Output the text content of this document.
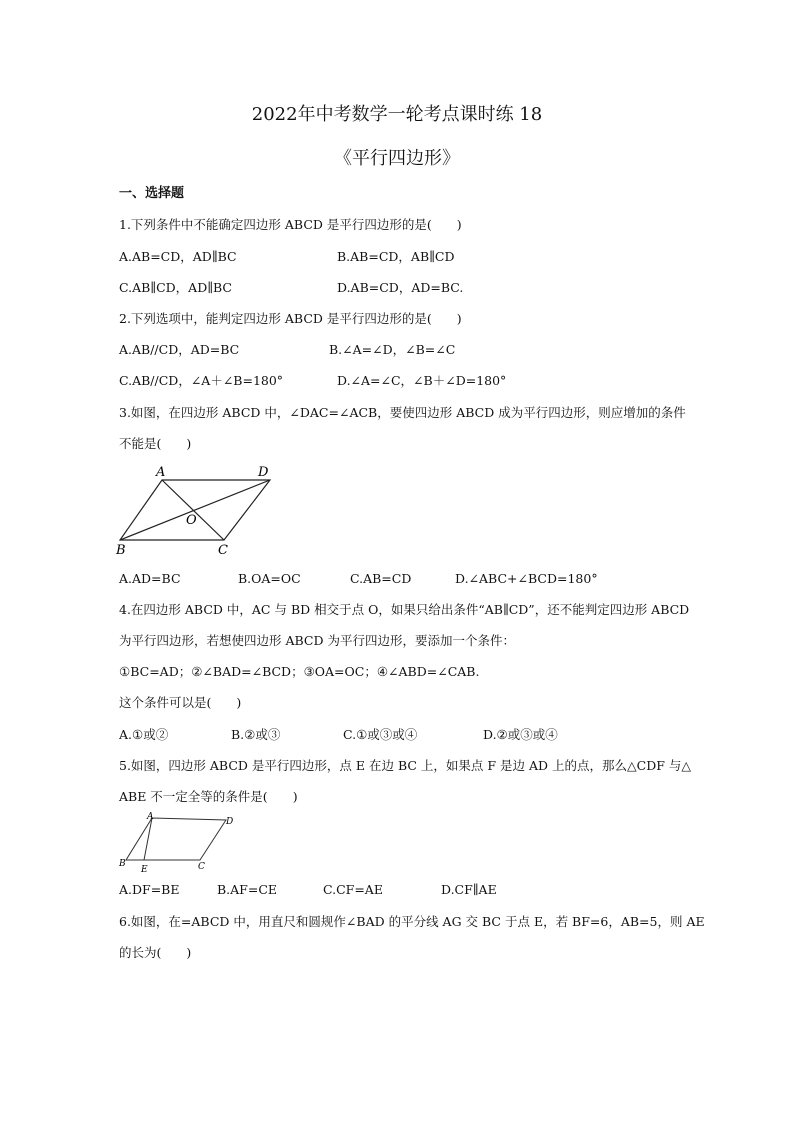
2022年中考数学一轮考点课时练 18
《平行四边形》
一、选择题
1.下列条件中不能确定四边形 ABCD 是平行四边形的是(　　)
A.AB=CD，AD∥BC	B.AB=CD，AB∥CD
C.AB∥CD，AD∥BC	D.AB=CD，AD=BC.
2.下列选项中，能判定四边形 ABCD 是平行四边形的是(　　)
A.AB//CD，AD=BC	B.∠A=∠D，∠B=∠C
C.AB//CD，∠A＋∠B=180°	D.∠A=∠C，∠B＋∠D=180°
3.如图，在四边形 ABCD 中，∠DAC=∠ACB，要使四边形 ABCD 成为平行四边形，则应增加的条件
不能是(　　)
A	D
B	C
O
A.AD=BC	B.OA=OC	C.AB=CD	D.∠ABC+∠BCD=180°
4.在四边形 ABCD 中，AC 与 BD 相交于点 O，如果只给出条件“AB∥CD”，还不能判定四边形 ABCD
为平行四边形，若想使四边形 ABCD 为平行四边形，要添加一个条件：
①BC=AD；②∠BAD=∠BCD；③OA=OC；④∠ABD=∠CAB.
这个条件可以是(　　)
A.①或②	B.②或③	C.①或③或④	D.②或③或④
5.如图，四边形 ABCD 是平行四边形，点 E 在边 BC 上，如果点 F 是边 AD 上的点，那么△CDF 与△
ABE 不一定全等的条件是(　　)
A	D
B
E	C
A.DF=BE	B.AF=CE	C.CF=AE	D.CF∥AE
6.如图，在=ABCD 中，用直尺和圆规作∠BAD 的平分线 AG 交 BC 于点 E，若 BF=6，AB=5，则 AE
的长为(　　)
